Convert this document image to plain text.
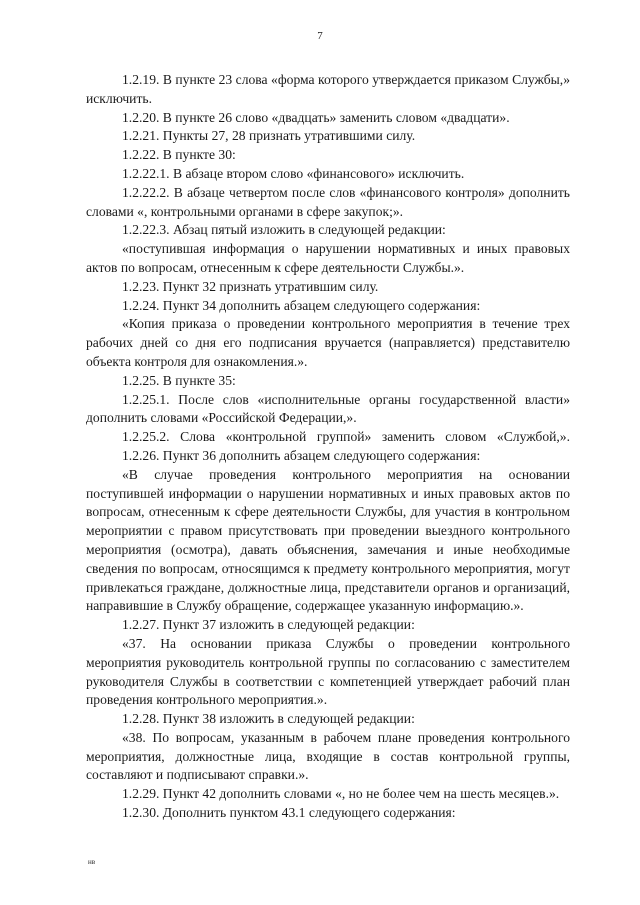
7

1.2.19. В пункте 23 слова «форма которого утверждается приказом Службы,» исключить.

1.2.20. В пункте 26 слово «двадцать» заменить словом «двадцати».

1.2.21. Пункты 27, 28 признать утратившими силу.

1.2.22. В пункте 30:

1.2.22.1. В абзаце втором слово «финансового» исключить.

1.2.22.2. В абзаце четвертом после слов «финансового контроля» дополнить словами «, контрольными органами в сфере закупок;».

1.2.22.3. Абзац пятый изложить в следующей редакции:

«поступившая информация о нарушении нормативных и иных правовых актов по вопросам, отнесенным к сфере деятельности Службы.».

1.2.23. Пункт 32 признать утратившим силу.

1.2.24. Пункт 34 дополнить абзацем следующего содержания:

«Копия приказа о проведении контрольного мероприятия в течение трех рабочих дней со дня его подписания вручается (направляется) представителю объекта контроля для ознакомления.».

1.2.25. В пункте 35:

1.2.25.1. После слов «исполнительные органы государственной власти» дополнить словами «Российской Федерации,».

1.2.25.2. Слова «контрольной группой» заменить словом «Службой,».

1.2.26. Пункт 36 дополнить абзацем следующего содержания:

«В случае проведения контрольного мероприятия на основании поступившей информации о нарушении нормативных и иных правовых актов по вопросам, отнесенным к сфере деятельности Службы, для участия в контрольном мероприятии с правом присутствовать при проведении выездного контрольного мероприятия (осмотра), давать объяснения, замечания и иные необходимые сведения по вопросам, относящимся к предмету контрольного мероприятия, могут привлекаться граждане, должностные лица, представители органов и организаций, направившие в Службу обращение, содержащее указанную информацию.».

1.2.27. Пункт 37 изложить в следующей редакции:

«37. На основании приказа Службы о проведении контрольного мероприятия руководитель контрольной группы по согласованию с заместителем руководителя Службы в соответствии с компетенцией утверждает рабочий план проведения контрольного мероприятия.».

1.2.28. Пункт 38 изложить в следующей редакции:

«38. По вопросам, указанным в рабочем плане проведения контрольного мероприятия, должностные лица, входящие в состав контрольной группы, составляют и подписывают справки.».

1.2.29. Пункт 42 дополнить словами «, но не более чем на шесть месяцев.».

1.2.30. Дополнить пунктом 43.1 следующего содержания:

нв
